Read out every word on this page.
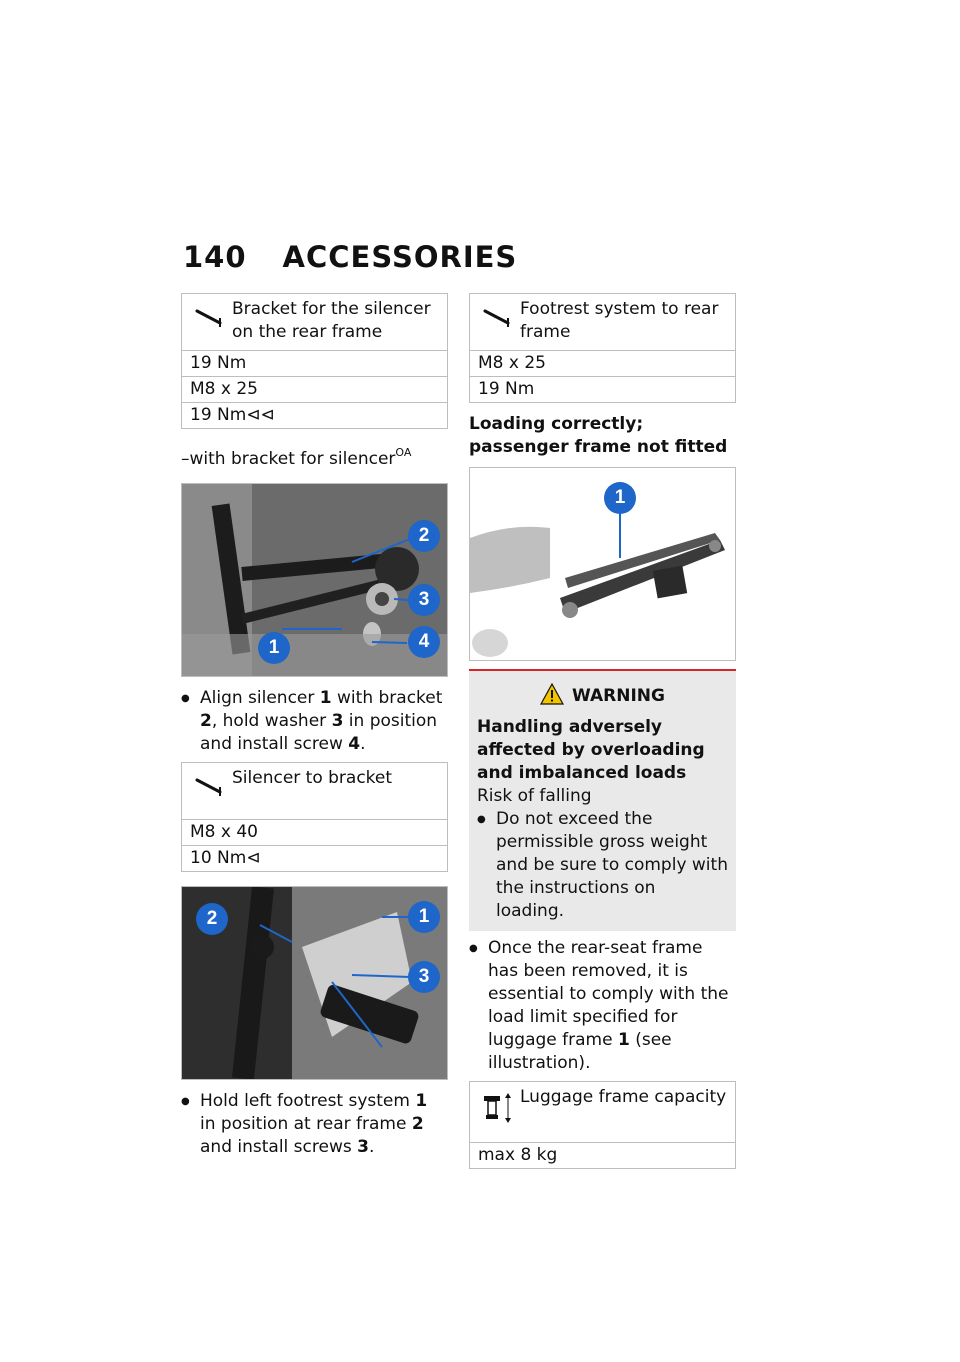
140 ACCESSORIES
Bracket for the silencer on the rear frame
19 Nm
M8 x 25
19 Nm⊲⊲
–with bracket for silencer$^{OA}$
2
3
1	4
● Align silencer 1 with bracket 2, hold washer 3 in position and install screw 4.
Silencer to bracket
M8 x 40
10 Nm⊲
2	1
3
● Hold left footrest system 1 in position at rear frame 2 and install screws 3.
Footrest system to rear frame
M8 x 25
19 Nm
Loading correctly; passenger frame not fitted
1
WARNING
Handling adversely affected by overloading and imbalanced loads
Risk of falling
● Do not exceed the permissible gross weight and be sure to comply with the instructions on loading.
● Once the rear-seat frame has been removed, it is essential to comply with the load limit specified for luggage frame 1 (see illustration).
Luggage frame capacity
max 8 kg
